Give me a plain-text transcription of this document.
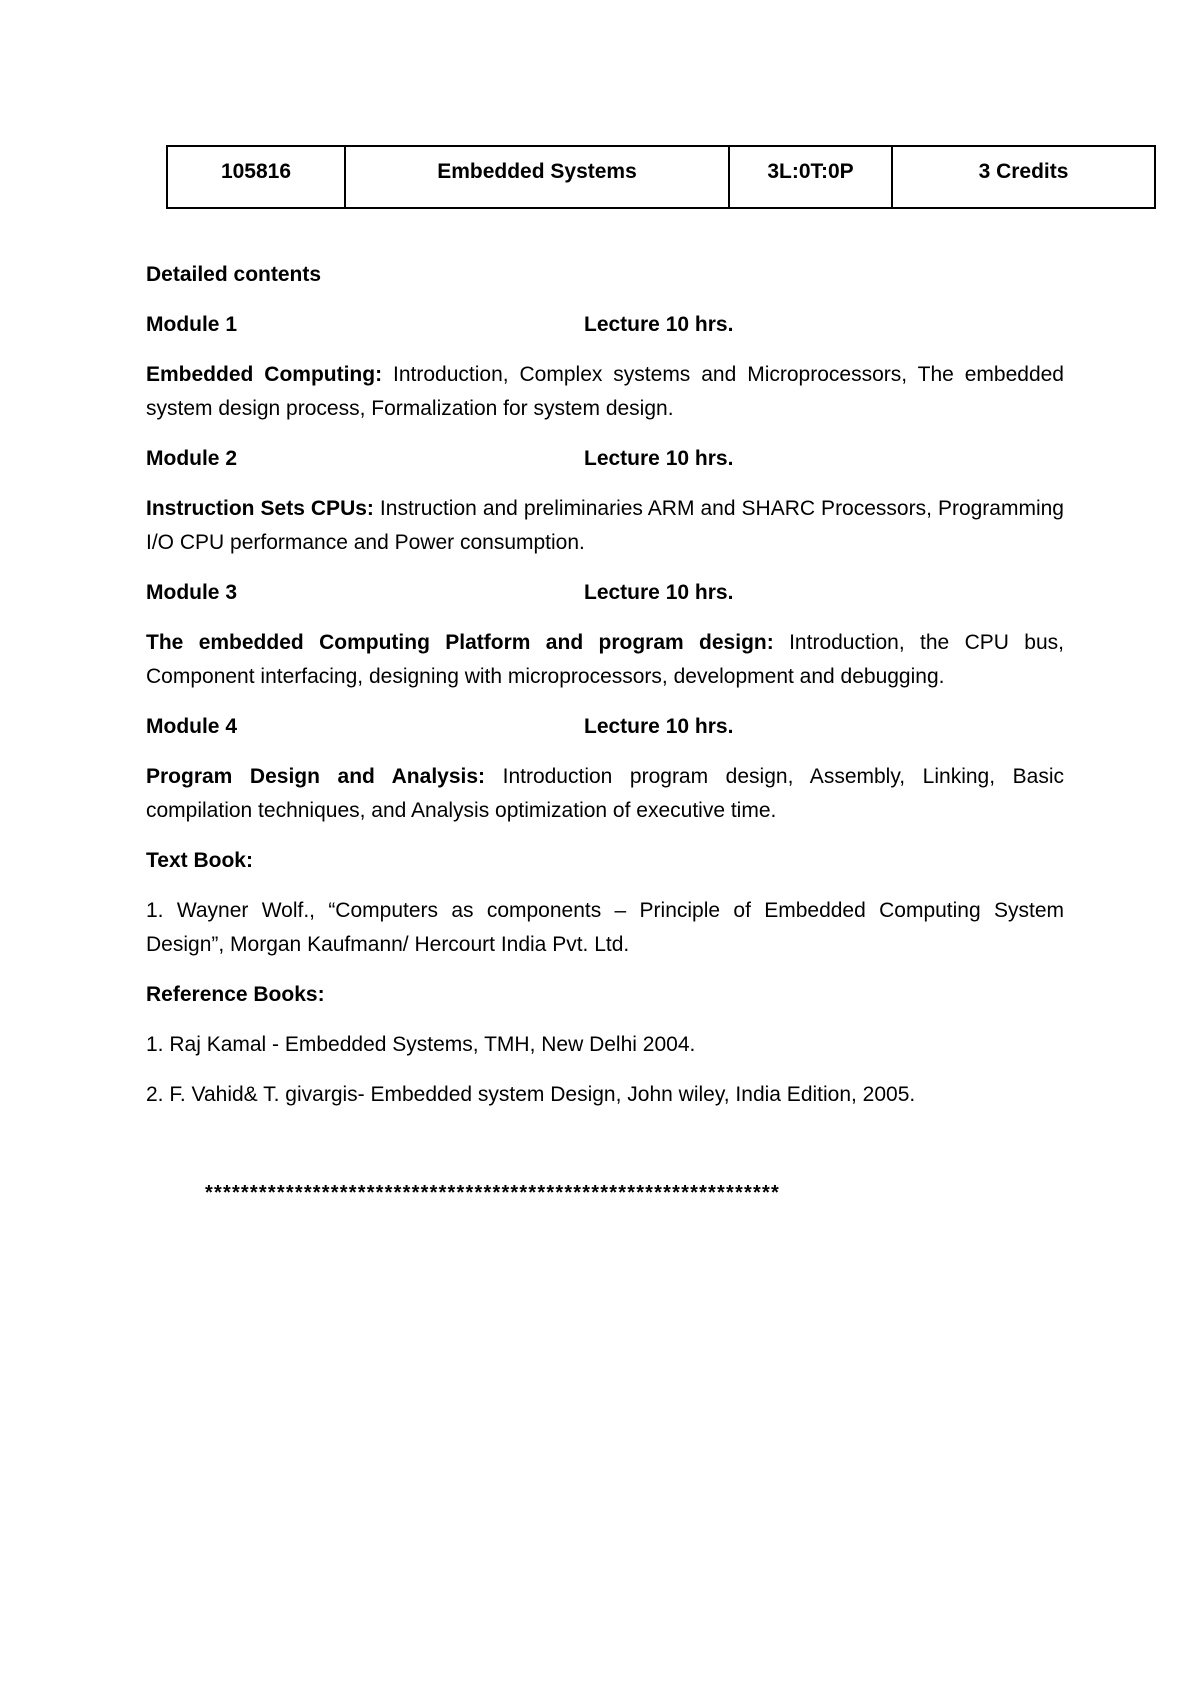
105816	Embedded Systems	3L:0T:0P	3 Credits
Detailed contents
Module 1	Lecture 10 hrs.
Embedded Computing: Introduction, Complex systems and Microprocessors, The embedded system design process, Formalization for system design.
Module 2	Lecture 10 hrs.
Instruction Sets CPUs: Instruction and preliminaries ARM and SHARC Processors, Programming I/O CPU performance and Power consumption.
Module 3	Lecture 10 hrs.
The embedded Computing Platform and program design: Introduction, the CPU bus, Component interfacing, designing with microprocessors, development and debugging.
Module 4	Lecture 10 hrs.
Program Design and Analysis: Introduction program design, Assembly, Linking, Basic compilation techniques, and Analysis optimization of executive time.
Text Book:
1. Wayner Wolf., “Computers as components – Principle of Embedded Computing System Design”, Morgan Kaufmann/ Hercourt India Pvt. Ltd.
Reference Books:
1. Raj Kamal - Embedded Systems, TMH, New Delhi 2004.
2. F. Vahid& T. givargis- Embedded system Design, John wiley, India Edition, 2005.
****************************************************************
